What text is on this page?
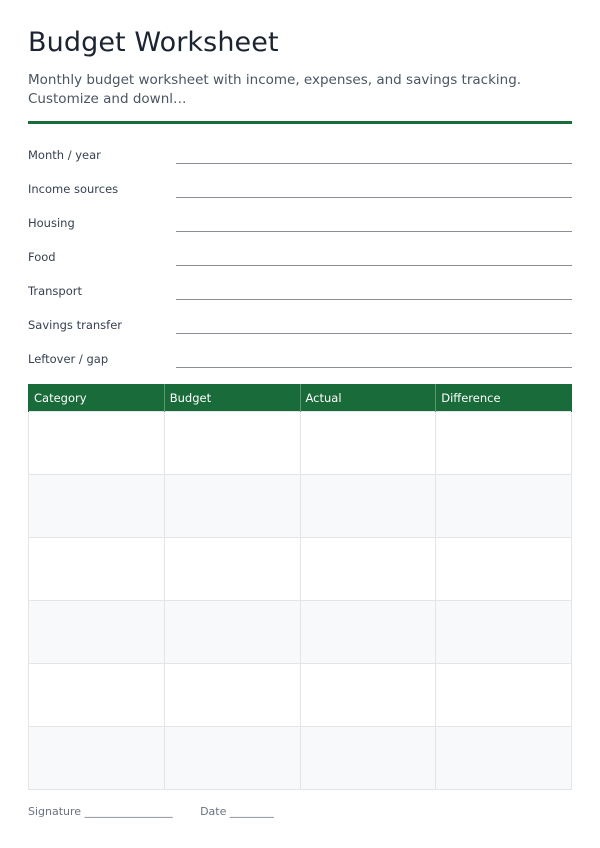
Budget Worksheet

Monthly budget worksheet with income, expenses, and savings tracking. Customize and downl…

Month / year
Income sources
Housing
Food
Transport
Savings transfer
Leftover / gap
Category	Budget	Actual	Difference

Signature ________________	Date ________
